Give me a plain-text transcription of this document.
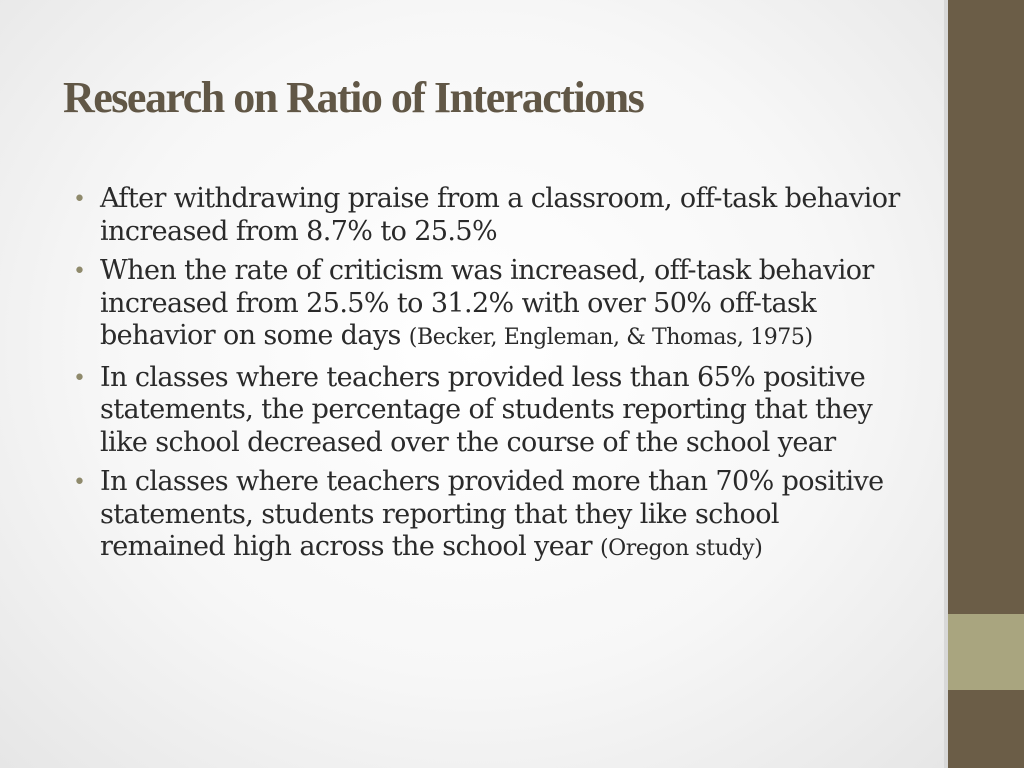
Research on Ratio of Interactions
• After withdrawing praise from a classroom, off-task behavior increased from 8.7% to 25.5%
• When the rate of criticism was increased, off-task behavior increased from 25.5% to 31.2% with over 50% off-task behavior on some days (Becker, Engleman, & Thomas, 1975)
• In classes where teachers provided less than 65% positive statements, the percentage of students reporting that they like school decreased over the course of the school year
• In classes where teachers provided more than 70% positive statements, students reporting that they like school remained high across the school year (Oregon study)
